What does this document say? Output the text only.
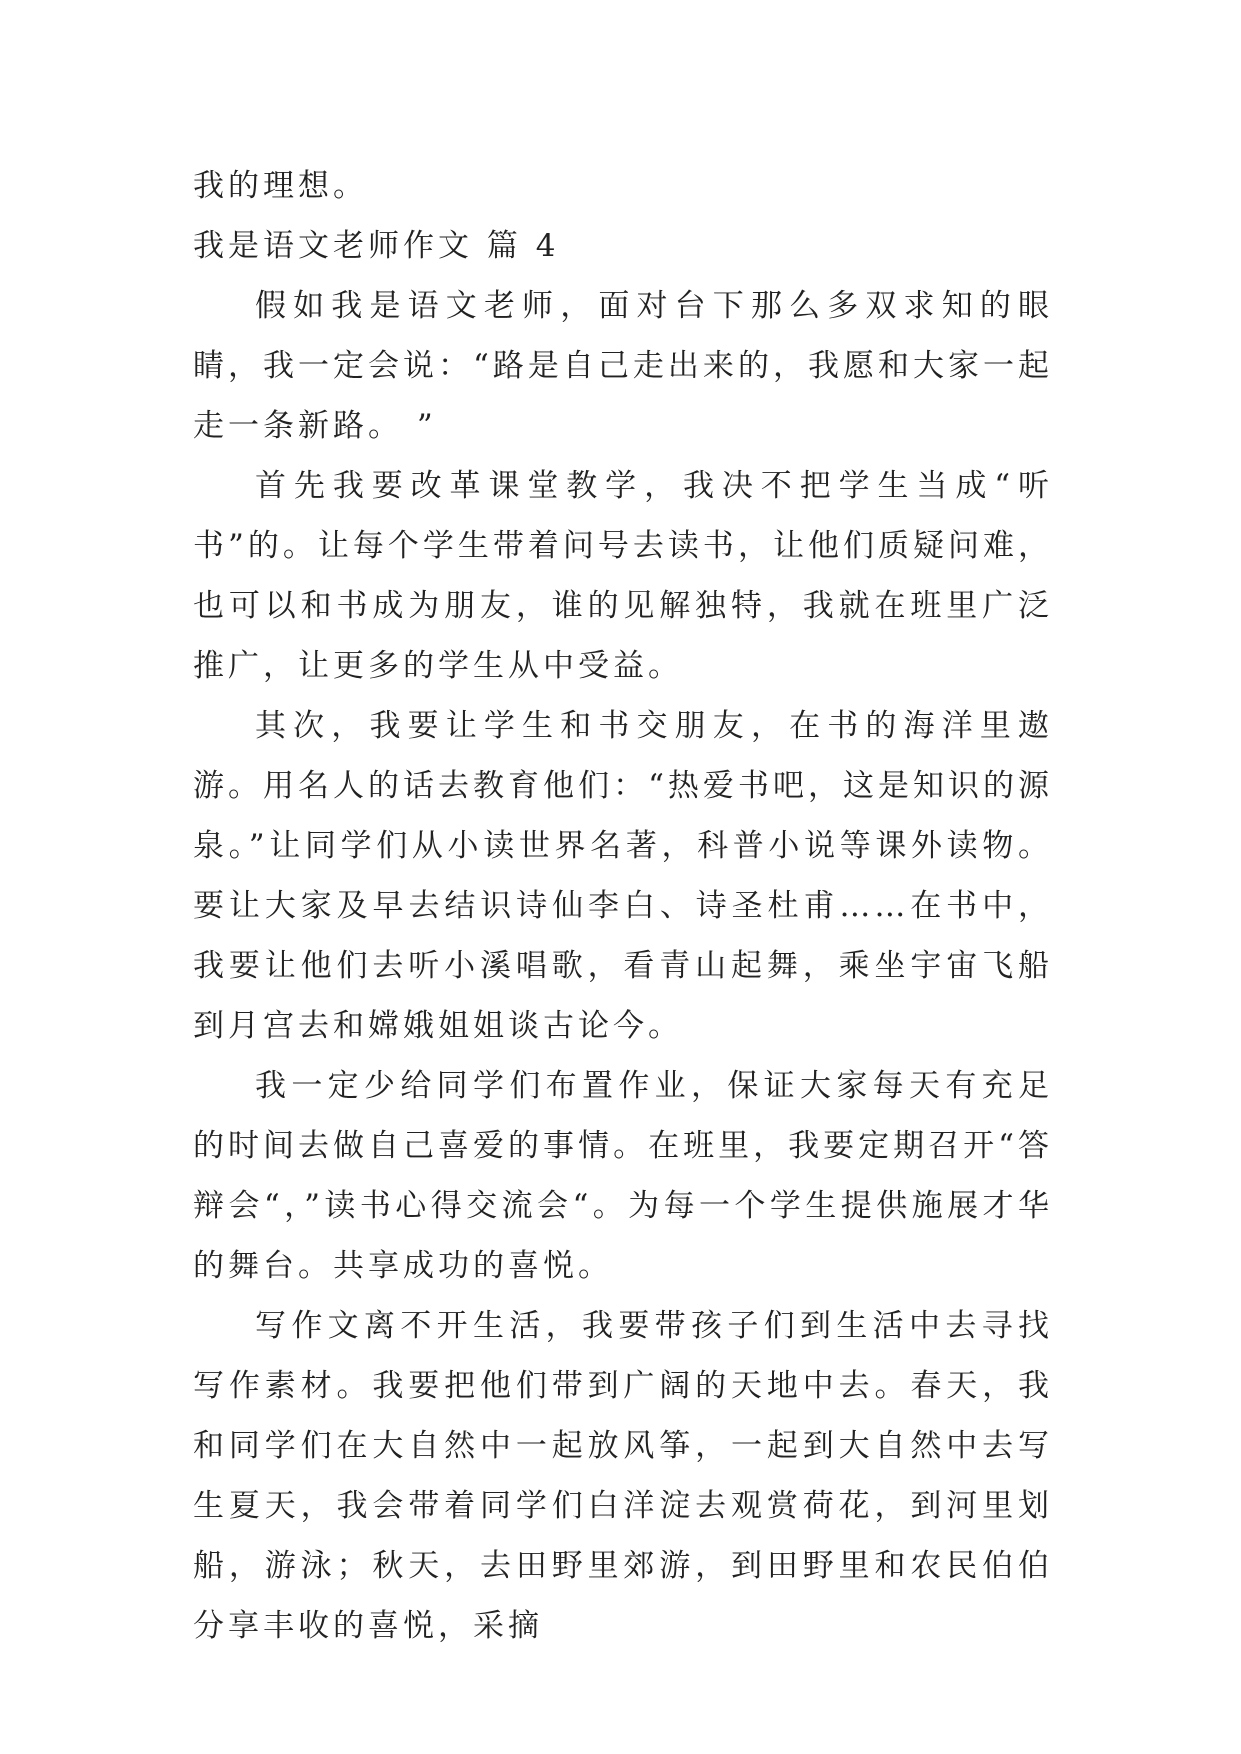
我的理想。

我是语文老师作文 篇 4

假如我是语文老师，面对台下那么多双求知的眼睛，我一定会说：“路是自己走出来的，我愿和大家一起走一条新路。 ”

首先我要改革课堂教学，我决不把学生当成“听书”的。让每个学生带着问号去读书，让他们质疑问难，也可以和书成为朋友，谁的见解独特，我就在班里广泛推广，让更多的学生从中受益。

其次，我要让学生和书交朋友，在书的海洋里遨游。用名人的话去教育他们：“热爱书吧，这是知识的源泉。”让同学们从小读世界名著，科普小说等课外读物。要让大家及早去结识诗仙李白、诗圣杜甫……在书中，我要让他们去听小溪唱歌，看青山起舞，乘坐宇宙飞船到月宫去和嫦娥姐姐谈古论今。

我一定少给同学们布置作业，保证大家每天有充足的时间去做自己喜爱的事情。在班里，我要定期召开“答辩会“，”读书心得交流会“。为每一个学生提供施展才华的舞台。共享成功的喜悦。

写作文离不开生活，我要带孩子们到生活中去寻找写作素材。我要把他们带到广阔的天地中去。春天，我和同学们在大自然中一起放风筝，一起到大自然中去写生夏天，我会带着同学们白洋淀去观赏荷花，到河里划船，游泳；秋天，去田野里郊游，到田野里和农民伯伯分享丰收的喜悦，采摘
